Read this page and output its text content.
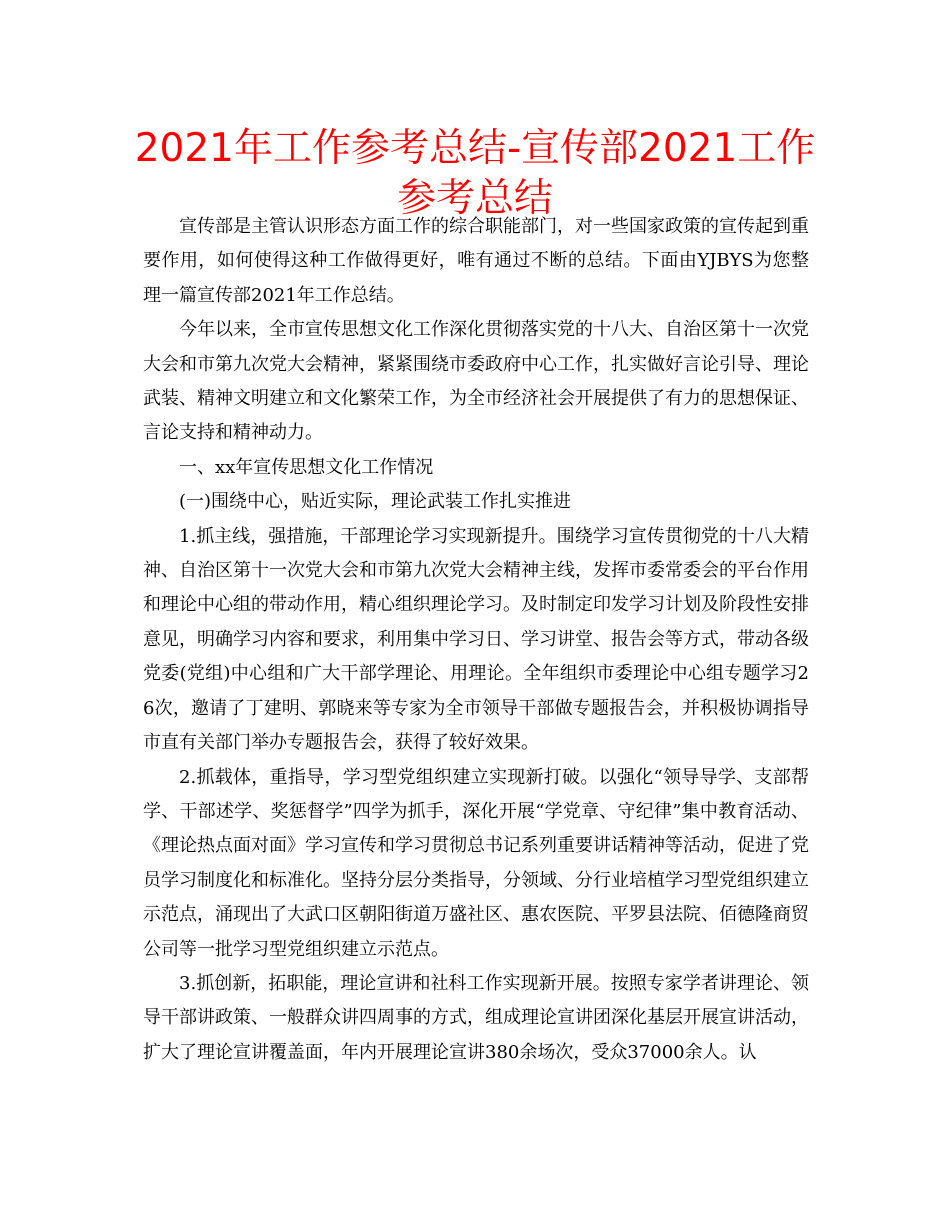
2021年工作参考总结-宣传部2021工作参考总结

宣传部是主管认识形态方面工作的综合职能部门，对一些国家政策的宣传起到重要作用，如何使得这种工作做得更好，唯有通过不断的总结。下面由YJBYS为您整理一篇宣传部2021年工作总结。

今年以来，全市宣传思想文化工作深化贯彻落实党的十八大、自治区第十一次党大会和市第九次党大会精神，紧紧围绕市委政府中心工作，扎实做好言论引导、理论武装、精神文明建立和文化繁荣工作，为全市经济社会开展提供了有力的思想保证、言论支持和精神动力。

一、xx年宣传思想文化工作情况

(一)围绕中心，贴近实际，理论武装工作扎实推进

1.抓主线，强措施，干部理论学习实现新提升。围绕学习宣传贯彻党的十八大精神、自治区第十一次党大会和市第九次党大会精神主线，发挥市委常委会的平台作用和理论中心组的带动作用，精心组织理论学习。及时制定印发学习计划及阶段性安排意见，明确学习内容和要求，利用集中学习日、学习讲堂、报告会等方式，带动各级党委(党组)中心组和广大干部学理论、用理论。全年组织市委理论中心组专题学习26次，邀请了丁建明、郭晓来等专家为全市领导干部做专题报告会，并积极协调指导市直有关部门举办专题报告会，获得了较好效果。

2.抓载体，重指导，学习型党组织建立实现新打破。以强化“领导导学、支部帮学、干部述学、奖惩督学”四学为抓手，深化开展“学党章、守纪律”集中教育活动、《理论热点面对面》学习宣传和学习贯彻总书记系列重要讲话精神等活动，促进了党员学习制度化和标准化。坚持分层分类指导，分领域、分行业培植学习型党组织建立示范点，涌现出了大武口区朝阳街道万盛社区、惠农医院、平罗县法院、佰德隆商贸公司等一批学习型党组织建立示范点。

3.抓创新，拓职能，理论宣讲和社科工作实现新开展。按照专家学者讲理论、领导干部讲政策、一般群众讲四周事的方式，组成理论宣讲团深化基层开展宣讲活动，扩大了理论宣讲覆盖面，年内开展理论宣讲380余场次，受众37000余人。认
